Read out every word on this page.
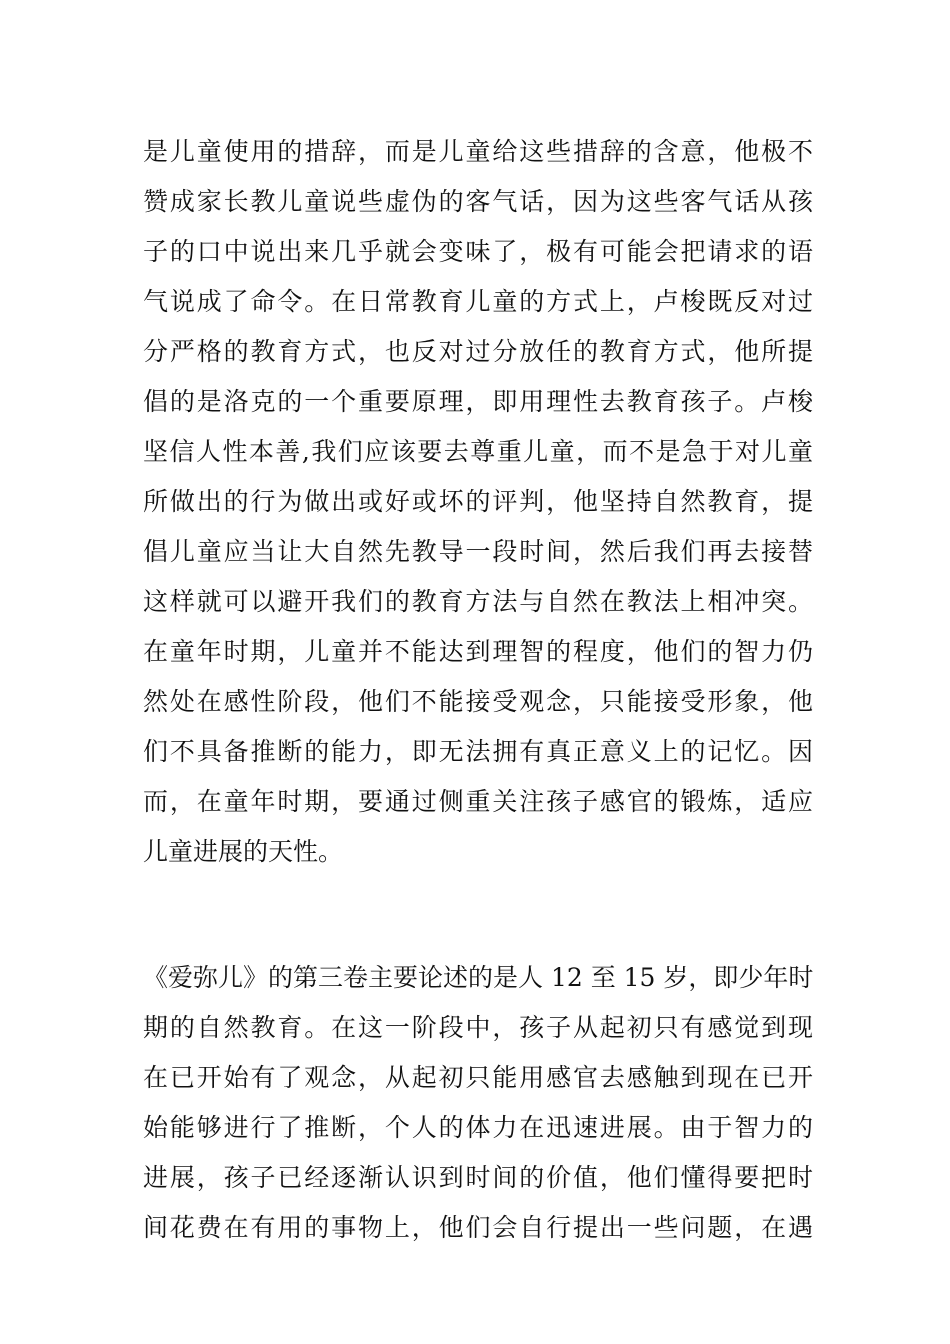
是儿童使用的措辞，而是儿童给这些措辞的含意，他极不
赞成家长教儿童说些虚伪的客气话，因为这些客气话从孩
子的口中说出来几乎就会变味了，极有可能会把请求的语
气说成了命令。在日常教育儿童的方式上，卢梭既反对过
分严格的教育方式，也反对过分放任的教育方式，他所提
倡的是洛克的一个重要原理，即用理性去教育孩子。卢梭
坚信人性本善,我们应该要去尊重儿童，而不是急于对儿童
所做出的行为做出或好或坏的评判，他坚持自然教育，提
倡儿童应当让大自然先教导一段时间，然后我们再去接替
这样就可以避开我们的教育方法与自然在教法上相冲突。
在童年时期，儿童并不能达到理智的程度，他们的智力仍
然处在感性阶段，他们不能接受观念，只能接受形象，他
们不具备推断的能力，即无法拥有真正意义上的记忆。因
而，在童年时期，要通过侧重关注孩子感官的锻炼，适应
儿童进展的天性。
《爱弥儿》的第三卷主要论述的是人 12 至 15 岁，即少年时
期的自然教育。在这一阶段中，孩子从起初只有感觉到现
在已开始有了观念，从起初只能用感官去感触到现在已开
始能够进行了推断，个人的体力在迅速进展。由于智力的
进展，孩子已经逐渐认识到时间的价值，他们懂得要把时
间花费在有用的事物上，他们会自行提出一些问题，在遇
